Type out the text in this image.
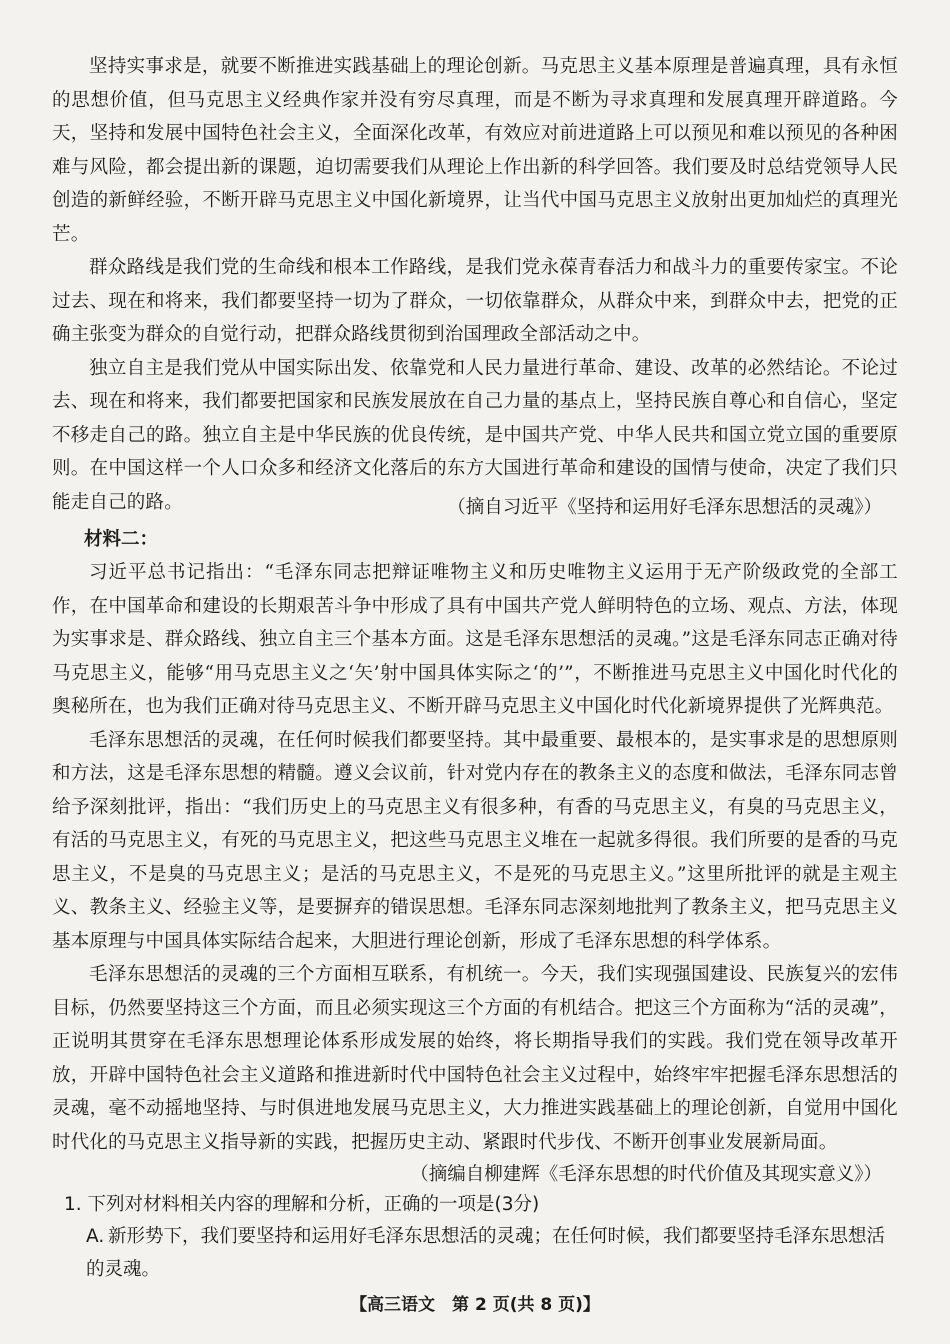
坚持实事求是，就要不断推进实践基础上的理论创新。马克思主义基本原理是普遍真理，具有永恒的思想价值，但马克思主义经典作家并没有穷尽真理，而是不断为寻求真理和发展真理开辟道路。今天，坚持和发展中国特色社会主义，全面深化改革，有效应对前进道路上可以预见和难以预见的各种困难与风险，都会提出新的课题，迫切需要我们从理论上作出新的科学回答。我们要及时总结党领导人民创造的新鲜经验，不断开辟马克思主义中国化新境界，让当代中国马克思主义放射出更加灿烂的真理光芒。

群众路线是我们党的生命线和根本工作路线，是我们党永葆青春活力和战斗力的重要传家宝。不论过去、现在和将来，我们都要坚持一切为了群众，一切依靠群众，从群众中来，到群众中去，把党的正确主张变为群众的自觉行动，把群众路线贯彻到治国理政全部活动之中。

独立自主是我们党从中国实际出发、依靠党和人民力量进行革命、建设、改革的必然结论。不论过去、现在和将来，我们都要把国家和民族发展放在自己力量的基点上，坚持民族自尊心和自信心，坚定不移走自己的路。独立自主是中华民族的优良传统，是中国共产党、中华人民共和国立党立国的重要原则。在中国这样一个人口众多和经济文化落后的东方大国进行革命和建设的国情与使命，决定了我们只能走自己的路。	（摘自习近平《坚持和运用好毛泽东思想活的灵魂》）
材料二：

习近平总书记指出：“毛泽东同志把辩证唯物主义和历史唯物主义运用于无产阶级政党的全部工作，在中国革命和建设的长期艰苦斗争中形成了具有中国共产党人鲜明特色的立场、观点、方法，体现为实事求是、群众路线、独立自主三个基本方面。这是毛泽东思想活的灵魂。”这是毛泽东同志正确对待马克思主义，能够“用马克思主义之‘矢’射中国具体实际之‘的’”，不断推进马克思主义中国化时代化的奥秘所在，也为我们正确对待马克思主义、不断开辟马克思主义中国化时代化新境界提供了光辉典范。

毛泽东思想活的灵魂，在任何时候我们都要坚持。其中最重要、最根本的，是实事求是的思想原则和方法，这是毛泽东思想的精髓。遵义会议前，针对党内存在的教条主义的态度和做法，毛泽东同志曾给予深刻批评，指出：“我们历史上的马克思主义有很多种，有香的马克思主义，有臭的马克思主义，有活的马克思主义，有死的马克思主义，把这些马克思主义堆在一起就多得很。我们所要的是香的马克思主义，不是臭的马克思主义；是活的马克思主义，不是死的马克思主义。”这里所批评的就是主观主义、教条主义、经验主义等，是要摒弃的错误思想。毛泽东同志深刻地批判了教条主义，把马克思主义基本原理与中国具体实际结合起来，大胆进行理论创新，形成了毛泽东思想的科学体系。

毛泽东思想活的灵魂的三个方面相互联系，有机统一。今天，我们实现强国建设、民族复兴的宏伟目标，仍然要坚持这三个方面，而且必须实现这三个方面的有机结合。把这三个方面称为“活的灵魂”，正说明其贯穿在毛泽东思想理论体系形成发展的始终，将长期指导我们的实践。我们党在领导改革开放，开辟中国特色社会主义道路和推进新时代中国特色社会主义过程中，始终牢牢把握毛泽东思想活的灵魂，毫不动摇地坚持、与时俱进地发展马克思主义，大力推进实践基础上的理论创新，自觉用中国化时代化的马克思主义指导新的实践，把握历史主动、紧跟时代步伐、不断开创事业发展新局面。

（摘编自柳建辉《毛泽东思想的时代价值及其现实意义》）
1. 下列对材料相关内容的理解和分析，正确的一项是(3分)
A. 新形势下，我们要坚持和运用好毛泽东思想活的灵魂；在任何时候，我们都要坚持毛泽东思想活的灵魂。
【高三语文　第 2 页(共 8 页)】
